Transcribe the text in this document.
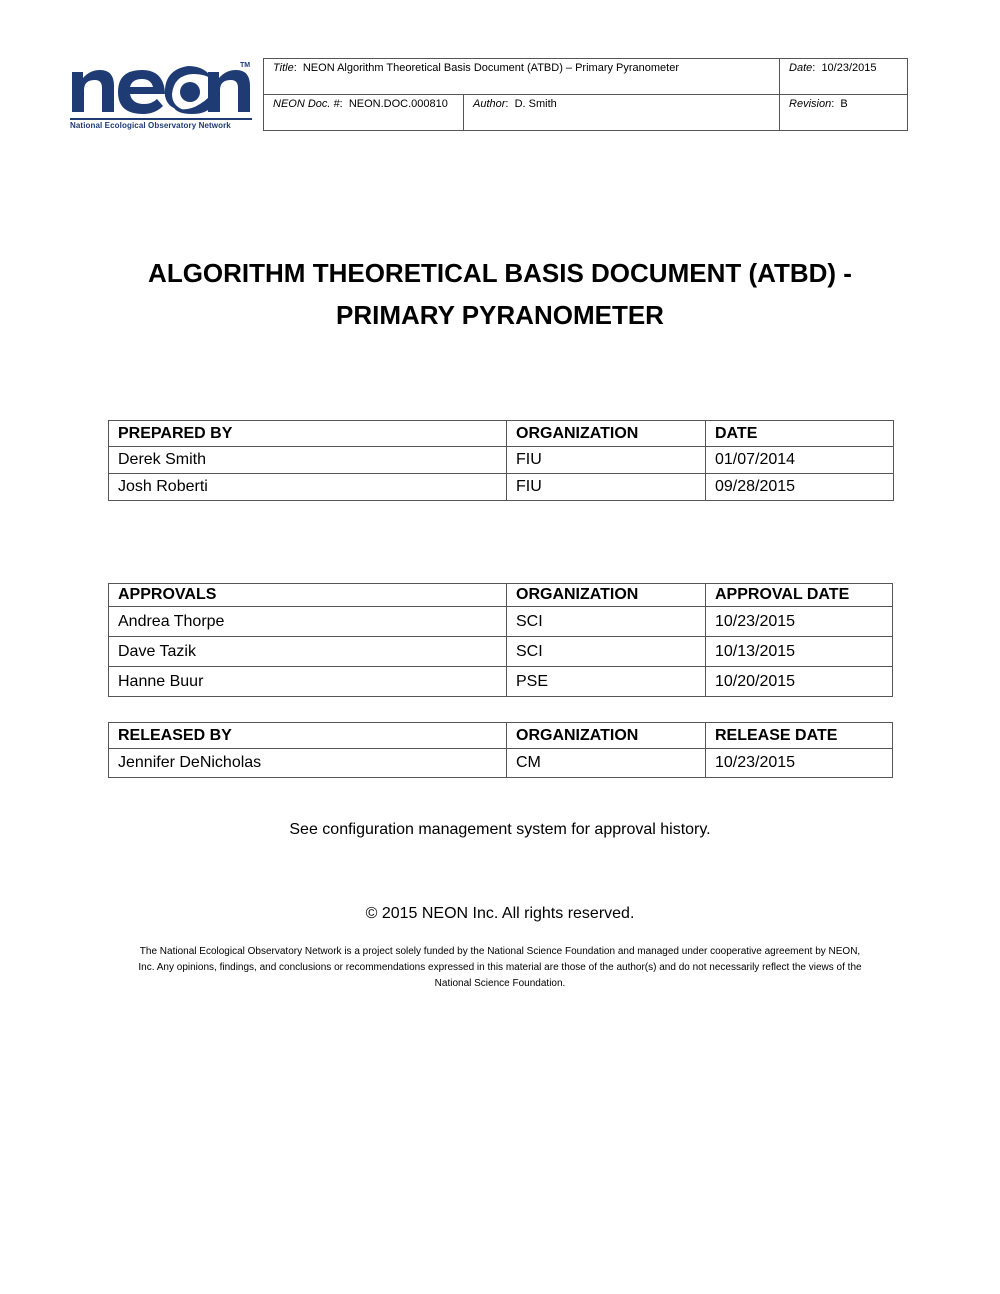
TM
National Ecological Observatory Network
Title:  NEON Algorithm Theoretical Basis Document (ATBD) – Primary Pyranometer		Date:  10/23/2015
NEON Doc. #:  NEON.DOC.000810	Author:  D. Smith	Revision:  B
ALGORITHM THEORETICAL BASIS DOCUMENT (ATBD) -
PRIMARY PYRANOMETER
PREPARED BY	ORGANIZATION	DATE
Derek Smith	FIU	01/07/2014
Josh Roberti	FIU	09/28/2015
APPROVALS	ORGANIZATION	APPROVAL DATE
Andrea Thorpe	SCI	10/23/2015
Dave Tazik	SCI	10/13/2015
Hanne Buur	PSE	10/20/2015
RELEASED BY	ORGANIZATION	RELEASE DATE
Jennifer DeNicholas	CM	10/23/2015
See configuration management system for approval history.
© 2015 NEON Inc. All rights reserved.
The National Ecological Observatory Network is a project solely funded by the National Science Foundation and managed under cooperative agreement by NEON,
Inc. Any opinions, findings, and conclusions or recommendations expressed in this material are those of the author(s) and do not necessarily reflect the views of the
National Science Foundation.
